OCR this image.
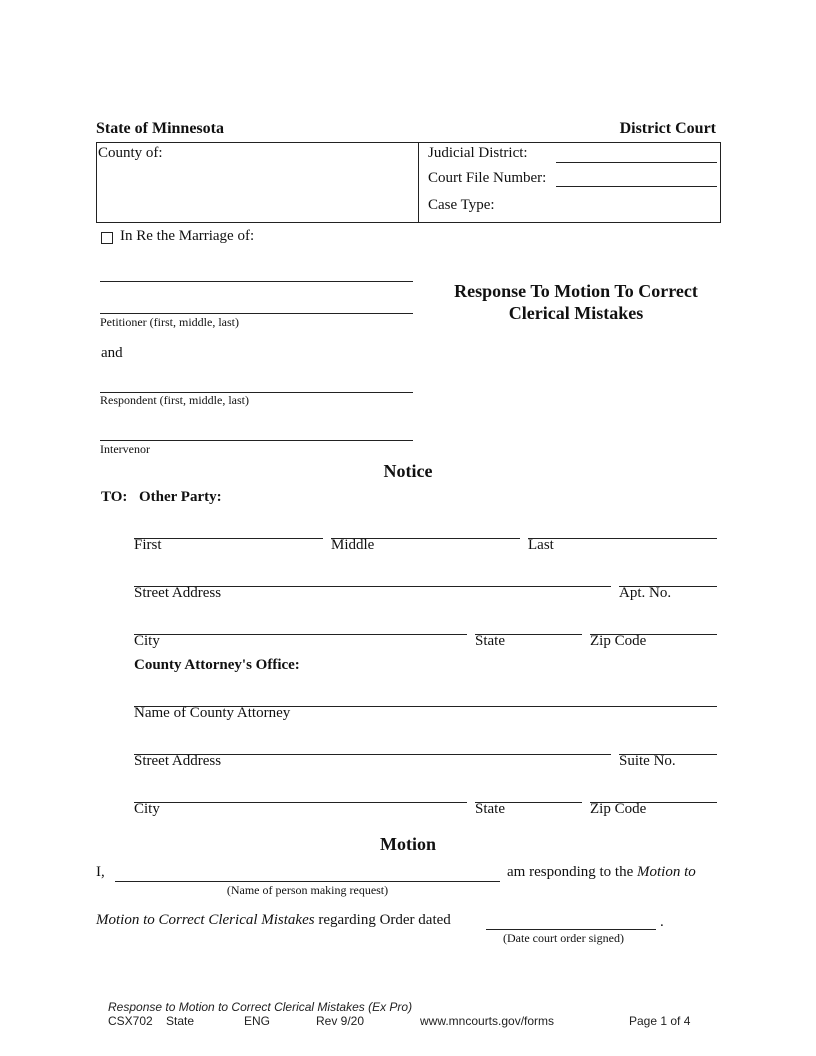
State of Minnesota	District Court
County of:	Judicial District:
Court File Number:
Case Type:
In Re the Marriage of:
Petitioner (first, middle, last)
and
Respondent (first, middle, last)
Intervenor
Response To Motion To Correct
Clerical Mistakes
Notice
TO: Other Party:
First	Middle	Last
Street Address	Apt. No.
City	State	Zip Code
County Attorney's Office:
Name of County Attorney
Street Address	Suite No.
City	State	Zip Code
Motion
I,
(Name of person making request)
am responding to the Motion to
Motion to Correct Clerical Mistakes regarding Order dated	.
(Date court order signed)
Response to Motion to Correct Clerical Mistakes (Ex Pro)
CSX702 State	ENG	Rev 9/20	www.mncourts.gov/forms	Page 1 of 4
